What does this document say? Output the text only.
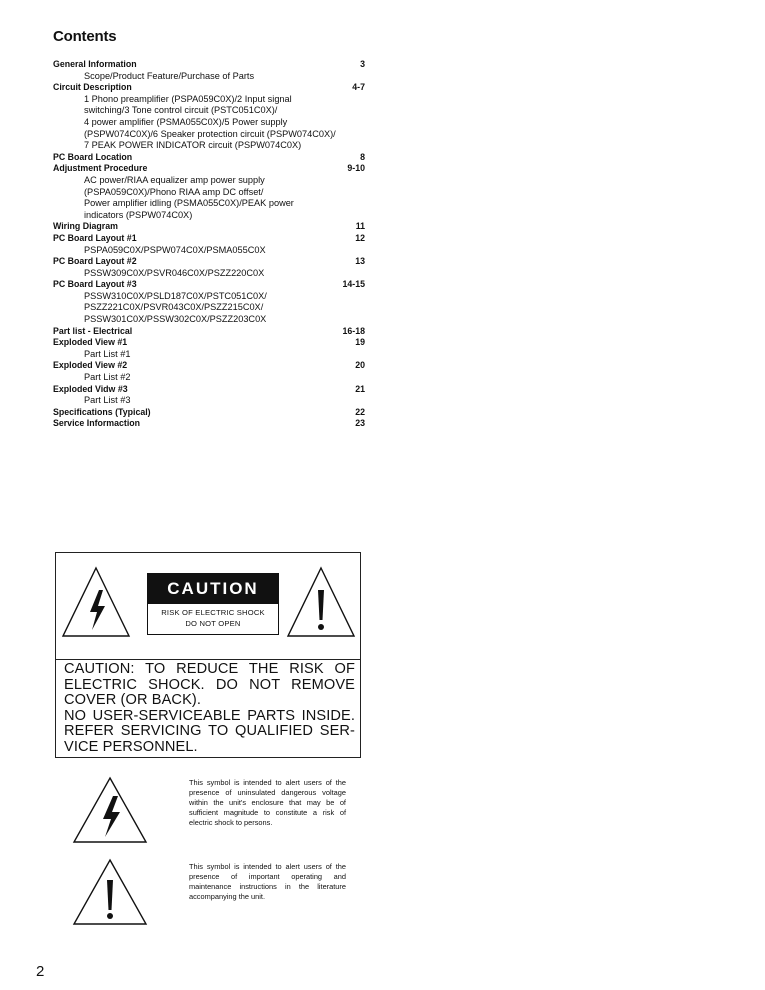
Contents
General Information	3
Scope/Product Feature/Purchase of Parts
Circuit Description	4-7
1 Phono preamplifier (PSPA059C0X)/2 Input signal
switching/3 Tone control circuit (PSTC051C0X)/
4 power amplifier (PSMA055C0X)/5 Power supply
(PSPW074C0X)/6 Speaker protection circuit (PSPW074C0X)/
7 PEAK POWER INDICATOR circuit (PSPW074C0X)
PC Board Location	8
Adjustment Procedure	9-10
AC power/RIAA equalizer amp power supply
(PSPA059C0X)/Phono RIAA amp DC offset/
Power amplifier idling (PSMA055C0X)/PEAK power
indicators (PSPW074C0X)
Wiring Diagram	11
PC Board Layout #1	12
PSPA059C0X/PSPW074C0X/PSMA055C0X
PC Board Layout #2	13
PSSW309C0X/PSVR046C0X/PSZZ220C0X
PC Board Layout #3	14-15
PSSW310C0X/PSLD187C0X/PSTC051C0X/
PSZZ221C0X/PSVR043C0X/PSZZ215C0X/
PSSW301C0X/PSSW302C0X/PSZZ203C0X
Part list - Electrical	16-18
Exploded View #1	19
Part List #1
Exploded View #2	20
Part List #2
Exploded Vidw #3	21
Part List #3
Specifications (Typical)	22
Service Informaction	23
CAUTION
RISK OF ELECTRIC SHOCK
DO NOT OPEN
CAUTION: TO REDUCE THE RISK OF
ELECTRIC SHOCK. DO NOT REMOVE
COVER (OR BACK).
NO USER-SERVICEABLE PARTS INSIDE.
REFER SERVICING TO QUALIFIED SER-
VICE PERSONNEL.
This symbol is intended to alert users of the presence of uninsulated dangerous voltage within the unit's enclosure that may be of sufficient magnitude to constitute a risk of electric shock to persons.
This symbol is intended to alert users of the presence of important operating and maintenance instructions in the literature accompanying the unit.
2
